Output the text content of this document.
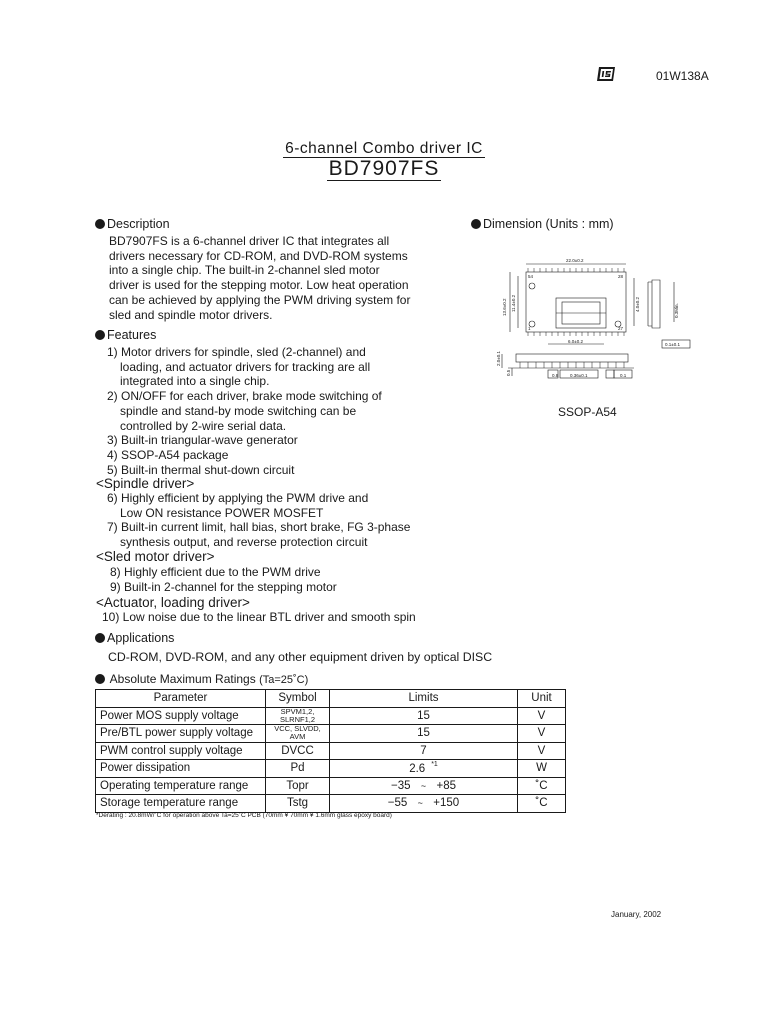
01W138A
6-channel Combo driver IC
BD7907FS
Description
BD7907FS is a 6-channel driver IC that integrates all
drivers necessary for CD-ROM, and DVD-ROM systems
into a single chip. The built-in 2-channel sled motor
driver is used for the stepping motor. Low heat operation
can be achieved by applying the PWM driving system for
sled and spindle motor drivers.
Dimension (Units : mm)
22.0±0.2
54	28
1	27
13.6±0.2 11.4±0.2	4.0±0.2
0.8	0.36±0.1	0.1
6.0±0.2
0.3Min.
0.1±0.1
2.0±0.1
0.5
SSOP-A54
Features
1) Motor drivers for spindle, sled (2-channel) and
loading, and actuator drivers for tracking are all
integrated into a single chip.
2) ON/OFF for each driver, brake mode switching of
spindle and stand-by mode switching can be
controlled by 2-wire serial data.
3) Built-in triangular-wave generator
4) SSOP-A54 package
5) Built-in thermal shut-down circuit
<Spindle driver>
6) Highly efficient by applying the PWM drive and
Low ON resistance POWER MOSFET
7) Built-in current limit, hall bias, short brake, FG 3-phase
synthesis output, and reverse protection circuit
<Sled motor driver>
8) Highly efficient due to the PWM drive
9) Built-in 2-channel for the stepping motor
<Actuator, loading driver>
10) Low noise due to the linear BTL driver and smooth spin
Applications
CD-ROM, DVD-ROM, and any other equipment driven by optical DISC
Absolute Maximum Ratings (Ta=25˚C)
Parameter	Symbol	Limits	Unit
Power MOS supply voltage	SPVM1,2, SLRNF1,2	15	V
Pre/BTL power supply voltage	VCC, SLVDD, AVM	15	V
PWM control supply voltage	DVCC	7	V
Power dissipation	Pd	2.6 $^{*1}$	W
Operating temperature range	Topr	−35 ~ +85	˚C
Storage temperature range	Tstg	−55 ~ +150	˚C
*Derating : 20.8mW/˚C for operation above Ta=25˚C PCB (70mm ¥ 70mm ¥ 1.6mm glass epoxy board)
January, 2002
